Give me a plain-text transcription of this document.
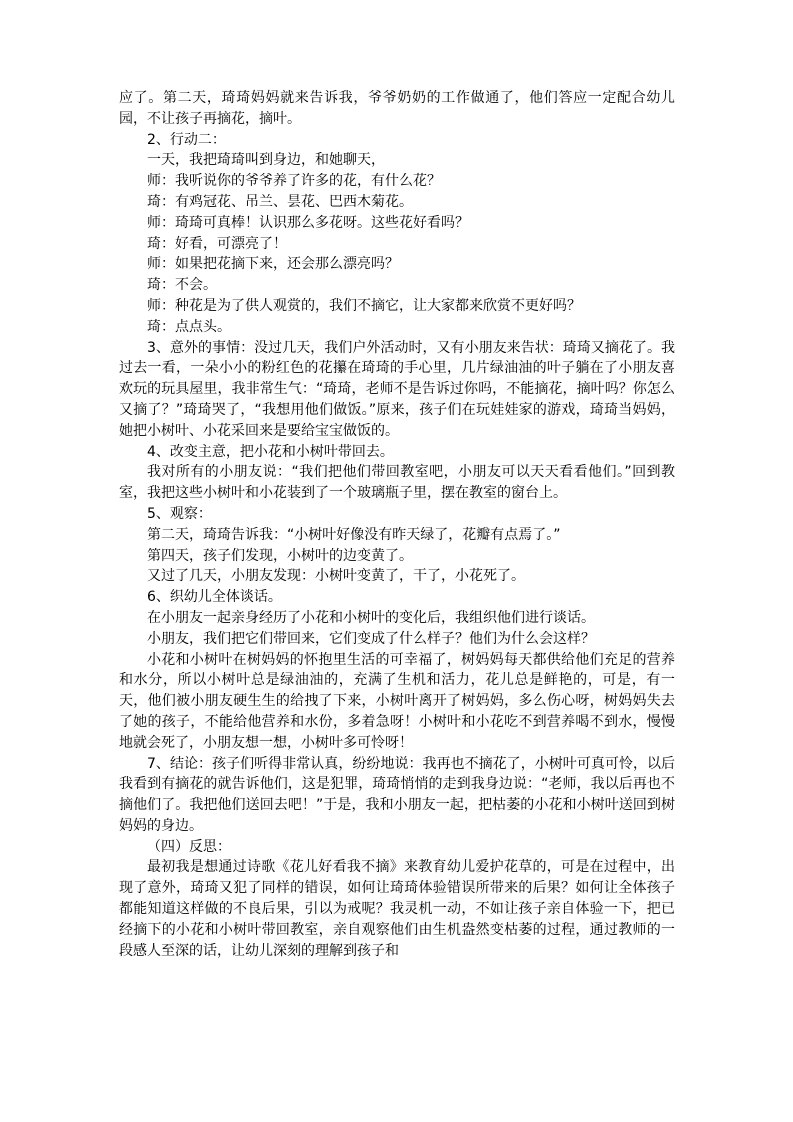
应了。第二天，琦琦妈妈就来告诉我，爷爷奶奶的工作做通了，他们答应一定配合幼儿园，不让孩子再摘花，摘叶。

2、行动二：

一天，我把琦琦叫到身边，和她聊天，

师：我听说你的爷爷养了许多的花，有什么花？

琦：有鸡冠花、吊兰、昙花、巴西木菊花。

师：琦琦可真棒！认识那么多花呀。这些花好看吗？

琦：好看，可漂亮了！

师：如果把花摘下来，还会那么漂亮吗？

琦：不会。

师：种花是为了供人观赏的，我们不摘它，让大家都来欣赏不更好吗？

琦：点点头。

3、意外的事情：没过几天，我们户外活动时，又有小朋友来告状：琦琦又摘花了。我过去一看，一朵小小的粉红色的花攥在琦琦的手心里，几片绿油油的叶子躺在了小朋友喜欢玩的玩具屋里，我非常生气：“琦琦，老师不是告诉过你吗，不能摘花，摘叶吗？你怎么又摘了？”琦琦哭了，“我想用他们做饭。”原来，孩子们在玩娃娃家的游戏，琦琦当妈妈，她把小树叶、小花采回来是要给宝宝做饭的。

4、改变主意，把小花和小树叶带回去。

我对所有的小朋友说：“我们把他们带回教室吧，小朋友可以天天看看他们。”回到教室，我把这些小树叶和小花装到了一个玻璃瓶子里，摆在教室的窗台上。

5、观察：

第二天，琦琦告诉我：“小树叶好像没有昨天绿了，花瓣有点焉了。”

第四天，孩子们发现，小树叶的边变黄了。

又过了几天，小朋友发现：小树叶变黄了，干了，小花死了。

6、织幼儿全体谈话。

在小朋友一起亲身经历了小花和小树叶的变化后，我组织他们进行谈话。

小朋友，我们把它们带回来，它们变成了什么样子？他们为什么会这样？

小花和小树叶在树妈妈的怀抱里生活的可幸福了，树妈妈每天都供给他们充足的营养和水分，所以小树叶总是绿油油的，充满了生机和活力，花儿总是鲜艳的，可是，有一天，他们被小朋友硬生生的给拽了下来，小树叶离开了树妈妈，多么伤心呀，树妈妈失去了她的孩子，不能给他营养和水份，多着急呀！小树叶和小花吃不到营养喝不到水，慢慢地就会死了，小朋友想一想，小树叶多可怜呀！

7、结论：孩子们听得非常认真，纷纷地说：我再也不摘花了，小树叶可真可怜，以后我看到有摘花的就告诉他们，这是犯罪，琦琦悄悄的走到我身边说：“老师，我以后再也不摘他们了。我把他们送回去吧！”于是，我和小朋友一起，把枯萎的小花和小树叶送回到树妈妈的身边。

（四）反思：

最初我是想通过诗歌《花儿好看我不摘》来教育幼儿爱护花草的，可是在过程中，出现了意外，琦琦又犯了同样的错误，如何让琦琦体验错误所带来的后果？如何让全体孩子都能知道这样做的不良后果，引以为戒呢？我灵机一动，不如让孩子亲自体验一下，把已经摘下的小花和小树叶带回教室，亲自观察他们由生机盎然变枯萎的过程，通过教师的一段感人至深的话，让幼儿深刻的理解到孩子和
